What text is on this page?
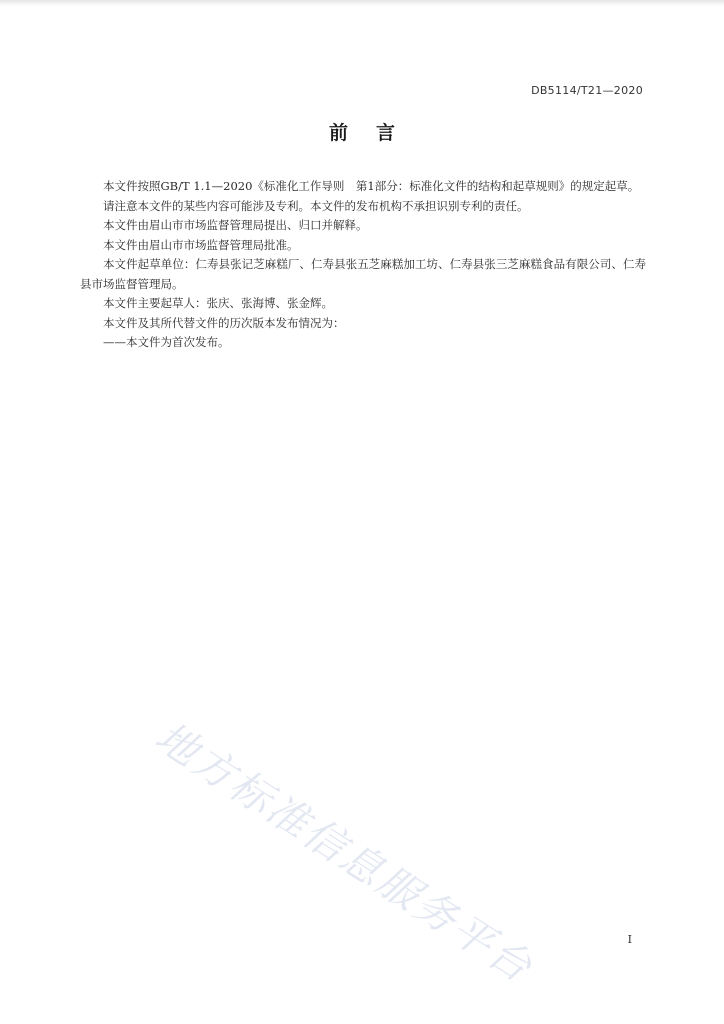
DB5114/T21—2020
前言

本文件按照GB/T 1.1—2020《标准化工作导则　第1部分：标准化文件的结构和起草规则》的规定起草。

请注意本文件的某些内容可能涉及专利。本文件的发布机构不承担识别专利的责任。

本文件由眉山市市场监督管理局提出、归口并解释。

本文件由眉山市市场监督管理局批准。

本文件起草单位：仁寿县张记芝麻糕厂、仁寿县张五芝麻糕加工坊、仁寿县张三芝麻糕食品有限公司、仁寿县市场监督管理局。

本文件主要起草人：张庆、张海博、张金辉。

本文件及其所代替文件的历次版本发布情况为：

——本文件为首次发布。

地方标准信息服务平台	I
